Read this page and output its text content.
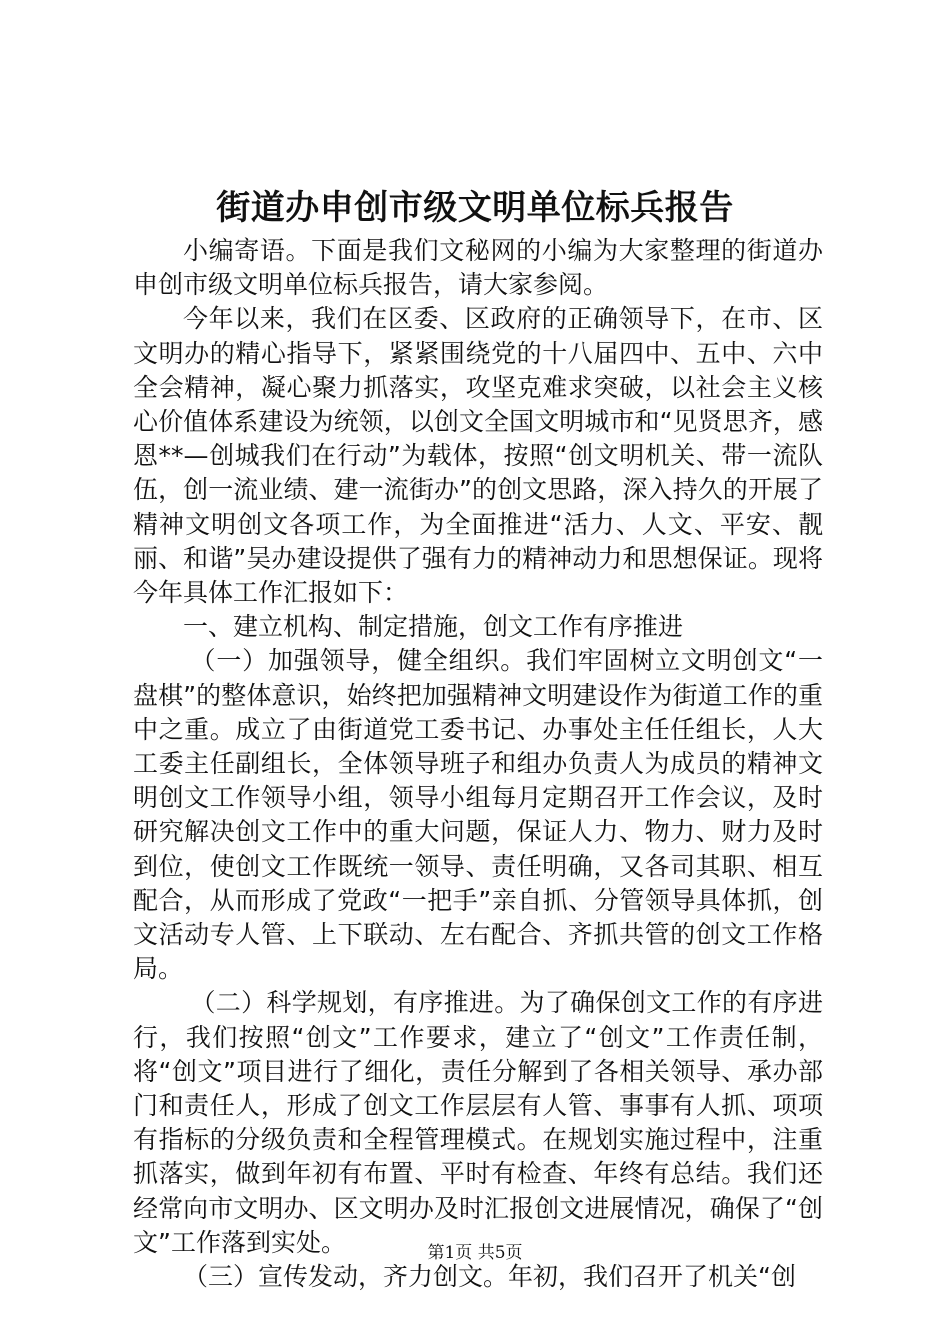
街道办申创市级文明单位标兵报告

小编寄语。下面是我们文秘网的小编为大家整理的街道办申创市级文明单位标兵报告，请大家参阅。

今年以来，我们在区委、区政府的正确领导下，在市、区文明办的精心指导下，紧紧围绕党的十八届四中、五中、六中全会精神，凝心聚力抓落实，攻坚克难求突破，以社会主义核心价值体系建设为统领，以创文全国文明城市和“见贤思齐，感恩**—创城我们在行动”为载体，按照“创文明机关、带一流队伍，创一流业绩、建一流街办”的创文思路，深入持久的开展了精神文明创文各项工作，为全面推进“活力、人文、平安、靓丽、和谐”吴办建设提供了强有力的精神动力和思想保证。现将今年具体工作汇报如下：

一、建立机构、制定措施，创文工作有序推进

（一）加强领导，健全组织。我们牢固树立文明创文“一盘棋”的整体意识，始终把加强精神文明建设作为街道工作的重中之重。成立了由街道党工委书记、办事处主任任组长，人大工委主任副组长，全体领导班子和组办负责人为成员的精神文明创文工作领导小组，领导小组每月定期召开工作会议，及时研究解决创文工作中的重大问题，保证人力、物力、财力及时到位，使创文工作既统一领导、责任明确，又各司其职、相互配合，从而形成了党政“一把手”亲自抓、分管领导具体抓，创文活动专人管、上下联动、左右配合、齐抓共管的创文工作格局。

（二）科学规划，有序推进。为了确保创文工作的有序进行，我们按照“创文”工作要求，建立了“创文”工作责任制，将“创文”项目进行了细化，责任分解到了各相关领导、承办部门和责任人，形成了创文工作层层有人管、事事有人抓、项项有指标的分级负责和全程管理模式。在规划实施过程中，注重抓落实，做到年初有布置、平时有检查、年终有总结。我们还经常向市文明办、区文明办及时汇报创文进展情况，确保了“创文”工作落到实处。

（三）宣传发动，齐力创文。年初，我们召开了机关“创

第1页 共5页
